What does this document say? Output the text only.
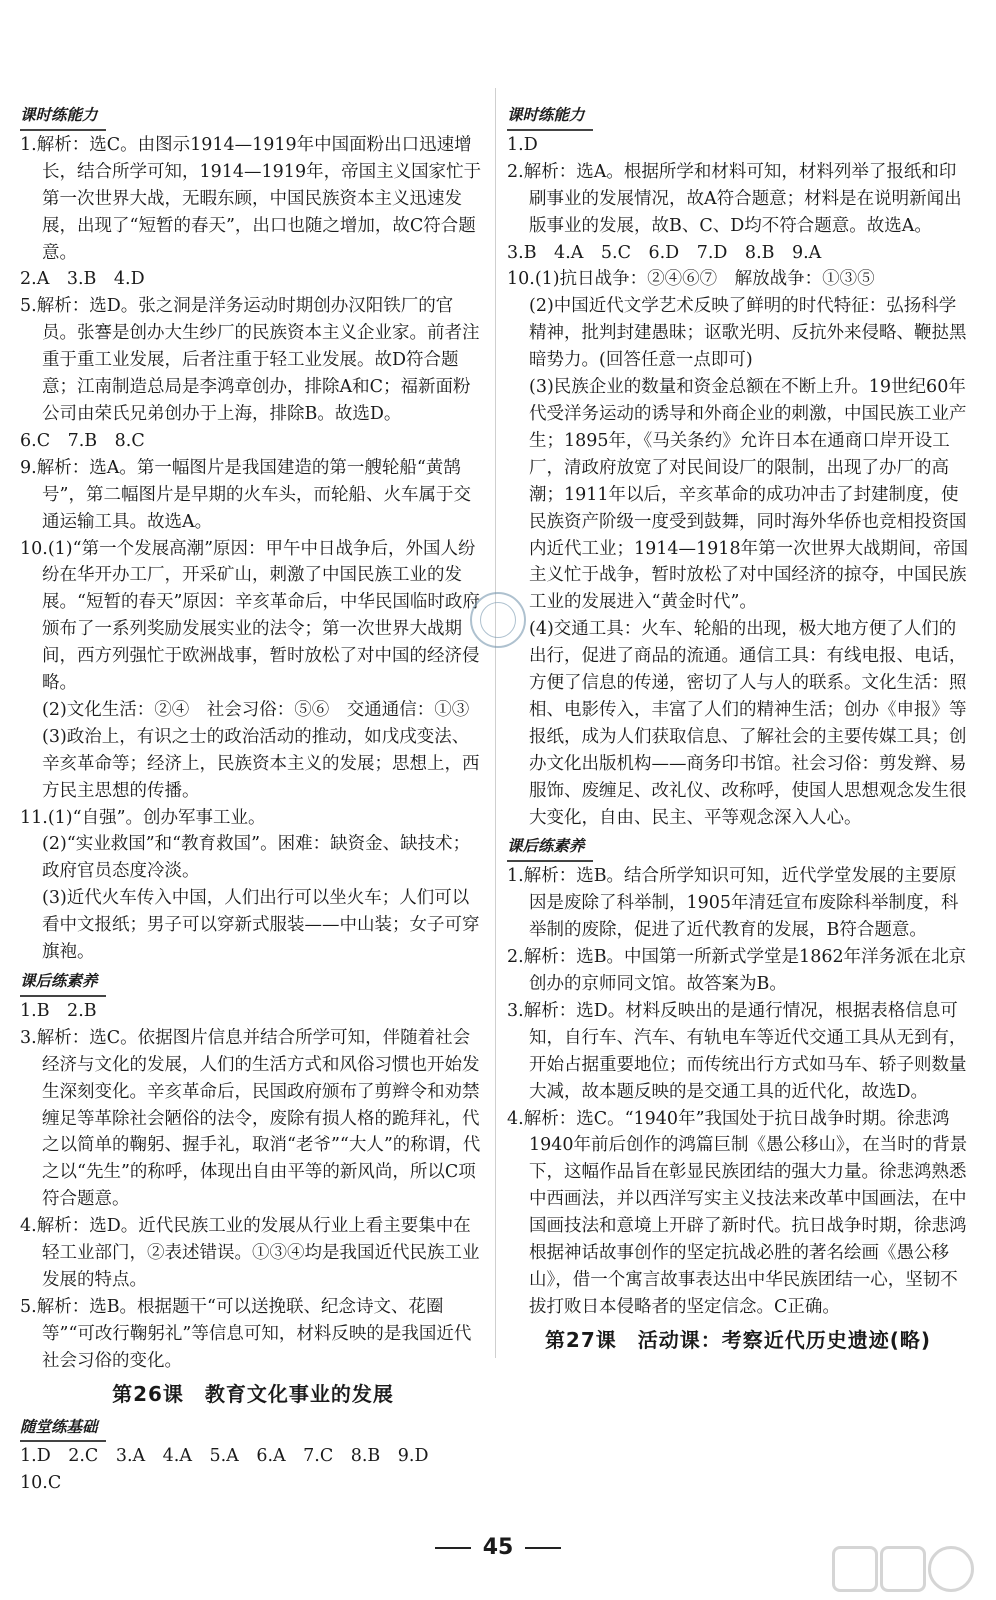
课时练能力

1.解析：选C。由图示1914—1919年中国面粉出口迅速增长，结合所学可知，1914—1919年，帝国主义国家忙于第一次世界大战，无暇东顾，中国民族资本主义迅速发展，出现了“短暂的春天”，出口也随之增加，故C符合题意。

2.A　3.B　4.D

5.解析：选D。张之洞是洋务运动时期创办汉阳铁厂的官员。张謇是创办大生纱厂的民族资本主义企业家。前者注重于重工业发展，后者注重于轻工业发展。故D符合题意；江南制造总局是李鸿章创办，排除A和C；福新面粉公司由荣氏兄弟创办于上海，排除B。故选D。

6.C　7.B　8.C

9.解析：选A。第一幅图片是我国建造的第一艘轮船“黄鹄号”，第二幅图片是早期的火车头，而轮船、火车属于交通运输工具。故选A。

10.(1)“第一个发展高潮”原因：甲午中日战争后，外国人纷纷在华开办工厂，开采矿山，刺激了中国民族工业的发展。“短暂的春天”原因：辛亥革命后，中华民国临时政府颁布了一系列奖励发展实业的法令；第一次世界大战期间，西方列强忙于欧洲战事，暂时放松了对中国的经济侵略。

(2)文化生活：②④　社会习俗：⑤⑥　交通通信：①③

(3)政治上，有识之士的政治活动的推动，如戊戌变法、辛亥革命等；经济上，民族资本主义的发展；思想上，西方民主思想的传播。

11.(1)“自强”。创办军事工业。

(2)“实业救国”和“教育救国”。困难：缺资金、缺技术；政府官员态度冷淡。

(3)近代火车传入中国，人们出行可以坐火车；人们可以看中文报纸；男子可以穿新式服装——中山装；女子可穿旗袍。

课后练素养

1.B　2.B

3.解析：选C。依据图片信息并结合所学可知，伴随着社会经济与文化的发展，人们的生活方式和风俗习惯也开始发生深刻变化。辛亥革命后，民国政府颁布了剪辫令和劝禁缠足等革除社会陋俗的法令，废除有损人格的跪拜礼，代之以简单的鞠躬、握手礼，取消“老爷”“大人”的称谓，代之以“先生”的称呼，体现出自由平等的新风尚，所以C项符合题意。

4.解析：选D。近代民族工业的发展从行业上看主要集中在轻工业部门，②表述错误。①③④均是我国近代民族工业发展的特点。

5.解析：选B。根据题干“可以送挽联、纪念诗文、花圈等”“可改行鞠躬礼”等信息可知，材料反映的是我国近代社会习俗的变化。

第26课　教育文化事业的发展
随堂练基础

1.D　2.C　3.A　4.A　5.A　6.A　7.C　8.B　9.D

10.C

课时练能力

1.D

2.解析：选A。根据所学和材料可知，材料列举了报纸和印刷事业的发展情况，故A符合题意；材料是在说明新闻出版事业的发展，故B、C、D均不符合题意。故选A。

3.B　4.A　5.C　6.D　7.D　8.B　9.A

10.(1)抗日战争：②④⑥⑦　解放战争：①③⑤

(2)中国近代文学艺术反映了鲜明的时代特征：弘扬科学精神，批判封建愚昧；讴歌光明、反抗外来侵略、鞭挞黑暗势力。(回答任意一点即可)

(3)民族企业的数量和资金总额在不断上升。19世纪60年代受洋务运动的诱导和外商企业的刺激，中国民族工业产生；1895年，《马关条约》允许日本在通商口岸开设工厂，清政府放宽了对民间设厂的限制，出现了办厂的高潮；1911年以后，辛亥革命的成功冲击了封建制度，使民族资产阶级一度受到鼓舞，同时海外华侨也竞相投资国内近代工业；1914—1918年第一次世界大战期间，帝国主义忙于战争，暂时放松了对中国经济的掠夺，中国民族工业的发展进入“黄金时代”。

(4)交通工具：火车、轮船的出现，极大地方便了人们的出行，促进了商品的流通。通信工具：有线电报、电话，方便了信息的传递，密切了人与人的联系。文化生活：照相、电影传入，丰富了人们的精神生活；创办《申报》等报纸，成为人们获取信息、了解社会的主要传媒工具；创办文化出版机构——商务印书馆。社会习俗：剪发辫、易服饰、废缠足、改礼仪、改称呼，使国人思想观念发生很大变化，自由、民主、平等观念深入人心。

课后练素养

1.解析：选B。结合所学知识可知，近代学堂发展的主要原因是废除了科举制，1905年清廷宣布废除科举制度，科举制的废除，促进了近代教育的发展，B符合题意。

2.解析：选B。中国第一所新式学堂是1862年洋务派在北京创办的京师同文馆。故答案为B。

3.解析：选D。材料反映出的是通行情况，根据表格信息可知，自行车、汽车、有轨电车等近代交通工具从无到有，开始占据重要地位；而传统出行方式如马车、轿子则数量大减，故本题反映的是交通工具的近代化，故选D。

4.解析：选C。“1940年”我国处于抗日战争时期。徐悲鸿1940年前后创作的鸿篇巨制《愚公移山》，在当时的背景下，这幅作品旨在彰显民族团结的强大力量。徐悲鸿熟悉中西画法，并以西洋写实主义技法来改革中国画法，在中国画技法和意境上开辟了新时代。抗日战争时期，徐悲鸿根据神话故事创作的坚定抗战必胜的著名绘画《愚公移山》，借一个寓言故事表达出中华民族团结一心，坚韧不拔打败日本侵略者的坚定信念。C正确。

第27课　活动课：考察近代历史遗迹(略)
45
